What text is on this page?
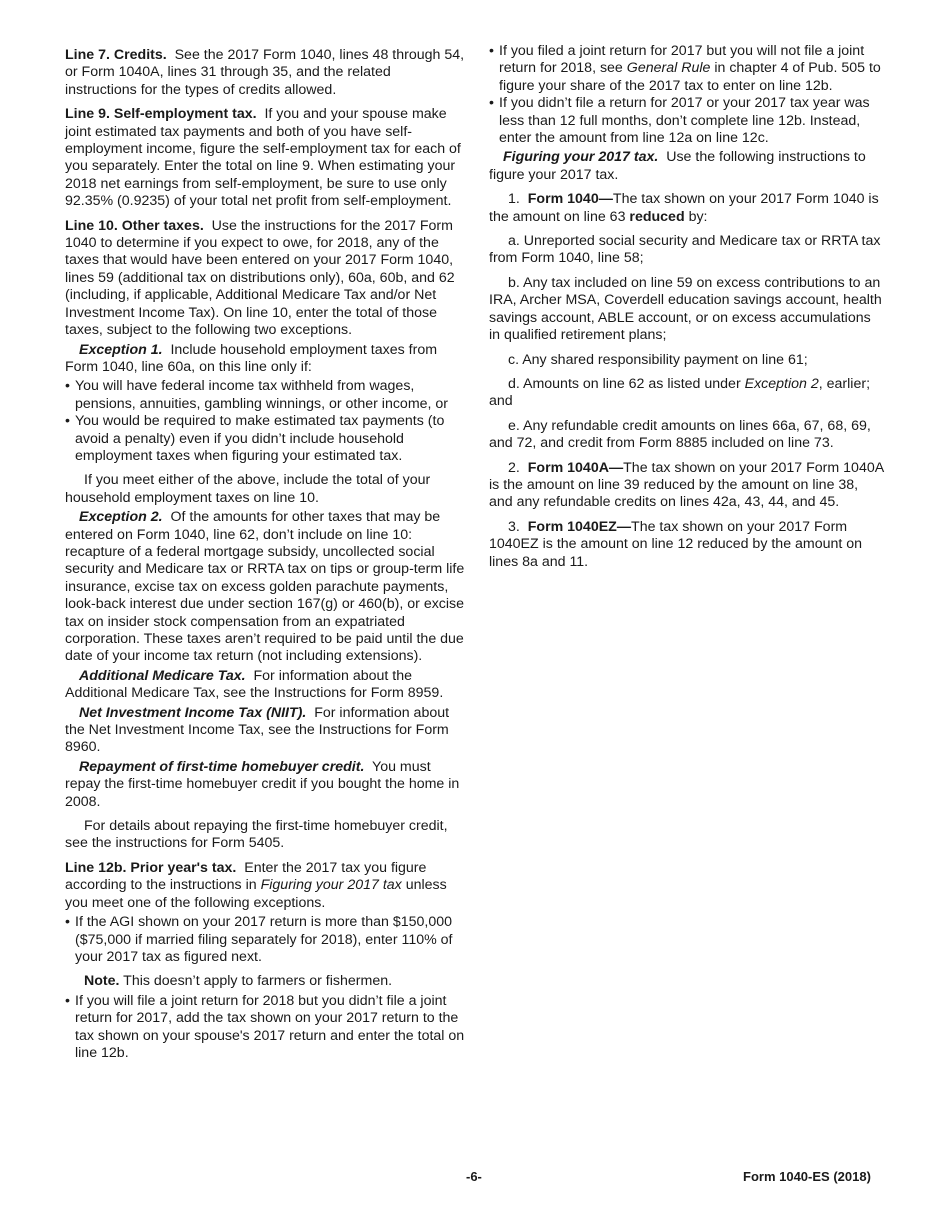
Line 7. Credits. See the 2017 Form 1040, lines 48 through 54, or Form 1040A, lines 31 through 35, and the related instructions for the types of credits allowed.

Line 9. Self-employment tax. If you and your spouse make joint estimated tax payments and both of you have self-employment income, figure the self-employment tax for each of you separately. Enter the total on line 9. When estimating your 2018 net earnings from self-employment, be sure to use only 92.35% (0.9235) of your total net profit from self-employment.

Line 10. Other taxes. Use the instructions for the 2017 Form 1040 to determine if you expect to owe, for 2018, any of the taxes that would have been entered on your 2017 Form 1040, lines 59 (additional tax on distributions only), 60a, 60b, and 62 (including, if applicable, Additional Medicare Tax and/or Net Investment Income Tax). On line 10, enter the total of those taxes, subject to the following two exceptions.

Exception 1. Include household employment taxes from Form 1040, line 60a, on this line only if:

• You will have federal income tax withheld from wages, pensions, annuities, gambling winnings, or other income, or

• You would be required to make estimated tax payments (to avoid a penalty) even if you didn’t include household employment taxes when figuring your estimated tax.

If you meet either of the above, include the total of your household employment taxes on line 10.

Exception 2. Of the amounts for other taxes that may be entered on Form 1040, line 62, don’t include on line 10: recapture of a federal mortgage subsidy, uncollected social security and Medicare tax or RRTA tax on tips or group-term life insurance, excise tax on excess golden parachute payments, look-back interest due under section 167(g) or 460(b), or excise tax on insider stock compensation from an expatriated corporation. These taxes aren’t required to be paid until the due date of your income tax return (not including extensions).

Additional Medicare Tax. For information about the Additional Medicare Tax, see the Instructions for Form 8959.

Net Investment Income Tax (NIIT). For information about the Net Investment Income Tax, see the Instructions for Form 8960.

Repayment of first-time homebuyer credit. You must repay the first-time homebuyer credit if you bought the home in 2008.

For details about repaying the first-time homebuyer credit, see the instructions for Form 5405.

Line 12b. Prior year's tax. Enter the 2017 tax you figure according to the instructions in Figuring your 2017 tax unless you meet one of the following exceptions.

• If the AGI shown on your 2017 return is more than $150,000 ($75,000 if married filing separately for 2018), enter 110% of your 2017 tax as figured next.

Note. This doesn’t apply to farmers or fishermen.

• If you will file a joint return for 2018 but you didn’t file a joint return for 2017, add the tax shown on your 2017 return to the tax shown on your spouse's 2017 return and enter the total on line 12b.

• If you filed a joint return for 2017 but you will not file a joint return for 2018, see General Rule in chapter 4 of Pub. 505 to figure your share of the 2017 tax to enter on line 12b.

• If you didn’t file a return for 2017 or your 2017 tax year was less than 12 full months, don’t complete line 12b. Instead, enter the amount from line 12a on line 12c.

Figuring your 2017 tax. Use the following instructions to figure your 2017 tax.

1. Form 1040—The tax shown on your 2017 Form 1040 is the amount on line 63 reduced by:

a. Unreported social security and Medicare tax or RRTA tax from Form 1040, line 58;

b. Any tax included on line 59 on excess contributions to an IRA, Archer MSA, Coverdell education savings account, health savings account, ABLE account, or on excess accumulations in qualified retirement plans;

c. Any shared responsibility payment on line 61;

d. Amounts on line 62 as listed under Exception 2, earlier; and

e. Any refundable credit amounts on lines 66a, 67, 68, 69, and 72, and credit from Form 8885 included on line 73.

2. Form 1040A—The tax shown on your 2017 Form 1040A is the amount on line 39 reduced by the amount on line 38, and any refundable credits on lines 42a, 43, 44, and 45.

3. Form 1040EZ—The tax shown on your 2017 Form 1040EZ is the amount on line 12 reduced by the amount on lines 8a and 11.

-6-	Form 1040-ES (2018)
